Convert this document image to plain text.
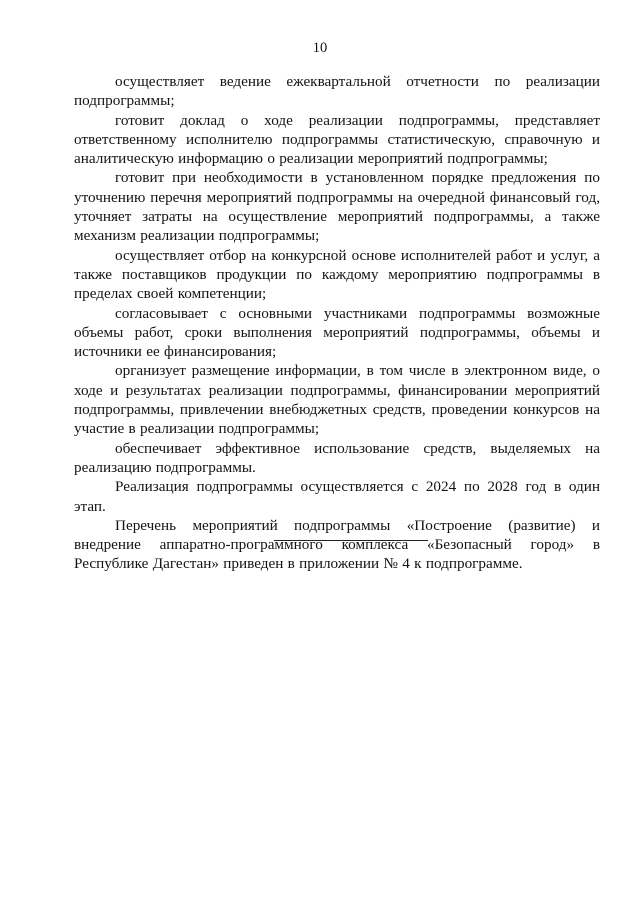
10

осуществляет ведение ежеквартальной отчетности по реализации подпрограммы;

готовит доклад о ходе реализации подпрограммы, представляет ответственному исполнителю подпрограммы статистическую, справочную и аналитическую информацию о реализации мероприятий подпрограммы;

готовит при необходимости в установленном порядке предложения по уточнению перечня мероприятий подпрограммы на очередной финансовый год, уточняет затраты на осуществление мероприятий подпрограммы, а также механизм реализации подпрограммы;

осуществляет отбор на конкурсной основе исполнителей работ и услуг, а также поставщиков продукции по каждому мероприятию подпрограммы в пределах своей компетенции;

согласовывает с основными участниками подпрограммы возможные объемы работ, сроки выполнения мероприятий подпрограммы, объемы и источники ее финансирования;

организует размещение информации, в том числе в электронном виде, о ходе и результатах реализации подпрограммы, финансировании мероприятий подпрограммы, привлечении внебюджетных средств, проведении конкурсов на участие в реализации подпрограммы;

обеспечивает эффективное использование средств, выделяемых на реализацию подпрограммы.

Реализация подпрограммы осуществляется с 2024 по 2028 год в один этап.

Перечень мероприятий подпрограммы «Построение (развитие) и внедрение аппаратно-программного комплекса «Безопасный город» в Республике Дагестан» приведен в приложении № 4 к подпрограмме.
